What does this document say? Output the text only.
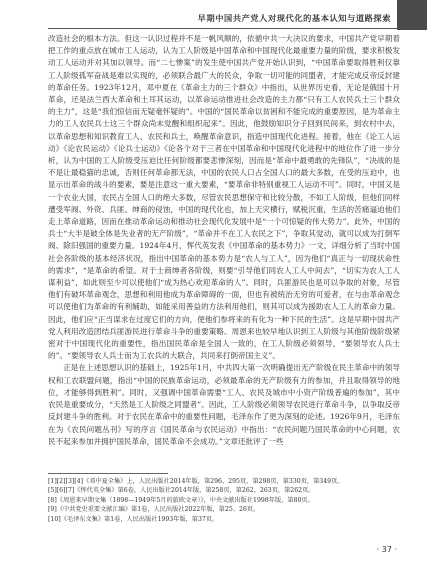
早期中国共产党人对现代化的基本认知与道路探索

改造社会的根本方法。但这一认识过程并不是一帆风顺的，依循中共一大决议的要求，中国共产党早期着把工作的重点放在城市工人运动，认为工人阶级是中国革命和中国现代化最重要力量的阶级，要求积极发动工人运动并对其加以领导。而“二七惨案”的发生使中国共产党开始认识到，“中国革命要取得胜利仅靠工人阶级孤军奋战是难以实现的，必须联合最广大的民众，争取一切可能的同盟者，才能完成反帝反封建的革命任务。1923年12月，邓中夏在《革命主力的三个群众》中指出，从世界历史看，无论是俄国十月革命，还是法兰西大革命和土耳其运动，以革命运动推进社会改造的主力都“只有工人农民兵士三个群众的主力”，这是“我们惊信而无疑毫怀疑的”。中国的“国民革命以贫困和不能完成的重要原因，是为革命主力的工人农民兵士这三个群众尚未觉醒和组织起来”。因此，他鼓励知识分子回到民间来，到农村中去，以革命思想和知识教育工人、农民和兵士，唤醒革命意识，指造中国现代化进程。接着，他在《论工人运动》《论农民运动》《论兵士运动》《论各个对于三者在中国革命和中国现代化进程中的地位作了进一步分析，认为中国的工人阶级受压迫比任何阶级都要悲惨深刻，因而是“革命中最勇敢的先锋队”，“决战的是不是让最稳猫的忠诚，否则任何革命都无法，中国的农民人口占全国人口的最大多数，在受的压迫中，也显示出革命的战斗的要素，要是注意这一重大要素，“要革命非特别重视工人运动不可”。同时，中国又是一个农业大国，农民占全国人口的绝大多数，尽管农民思想保守和比较分散，不如工人阶级，但他们同样遭受军阀、外资、兵匪、绅商的侵蚀，中国的现代化也，加上天灾横行，赋税沉重，生活的苦痛逼迫他们走上革命道路，因而在推动革命运动和推动社会现代化发展中是“一个可惊疑的伟大势力”。此外，中国的兵士“大半是破全体是失业者的无产阶级”，“革命并不在工人农民之下”，争取其觉动，就可以成为打倒军阀、除旧强国的重要力量。1924年4月，恽代英发表《中国革命的基本势力》一文，详细分析了当时中国社会各阶级的基本经济状况，指出中国革命的基本势力是“农人与工人”，因为他们“真正与一切现状命性的需求”，“是革命的希望。对于士商绅者各阶级，则要“引导他们同农人工人中间去”，“切实为农人工人谋利益”，如此则至少可以使他们“成为热心欢迎革命的人”。同时，兵匪游民也是可以争取的对象，尽管他们有破坏革命观念，思想和利用他成为革命障碍的一面，但也有被统治无穷的可爱者，在与由革命观念可以使他们为革命的有利辅助，如能采用善益的方法利用他们，则其可以成为援助农人工人的革命力量。因此，他们应“正当谋求在过度它们的方向，使他们参将来的有化为一种下民的生活”。这是早期中国共产党人利用改造团结兵匪游民进行革命斗争的重要策略。周恩来也较早地认识到工人阶级与其他阶级阶级紧密对于中国现代化的重要性，指出国民革命是全国人一致的，在工人阶级必须领导，“要领导农人兵士的”。“要领导农人兵士而为工农兵的大联合，共同来打倒帝国主义”。

正是在上述思想认识的基础上，1925年1月，中共四大第一次明确提出无产阶级在民主革命中的领导权和工农联盟问题，指出“中国的民族革命运动，必须最革命的无产阶级有力的参加，并且取得领导的地位，才能够得到胜利”。同时，又强调中国革命需要“工人、农民及城市中小资产阶级普遍的参加”，其中农民是重要成分，“天然是工人阶级之同盟者”。因此，工人阶级必须领导农民进行革命斗争，以争取反帝反封建斗争的胜利。对于农民在革命中的重要性问题，毛泽东作了更为深刻的论述。1926年9月，毛泽东在为《农民问题丛刊》写的序言《国民革命与农民运动》中指出：“农民问题乃国民革命的中心问题，农民不起来参加并拥护国民革命，国民革命不会成功。”文章还批评了一些

[1][2][3][4]《邓中夏全集》上，人民出版社2014年版，第296、295页，第298页，第330页，第349页。
[5][6][7]《恽代英全集》第6卷，人民出版社2014年版，第258页，第262、263页，第262页。
[8]《周恩来早期文集（1898—1949年5月的旅欧文章）》，中央文献出版社1998年版，第80页。
[9]《中共党史重要文献汇编》第1卷，人民出版社2022年版，第25、26页。
[10]《毛泽东文集》第1卷，人民出版社1993年版，第37页。
· 37 ·
